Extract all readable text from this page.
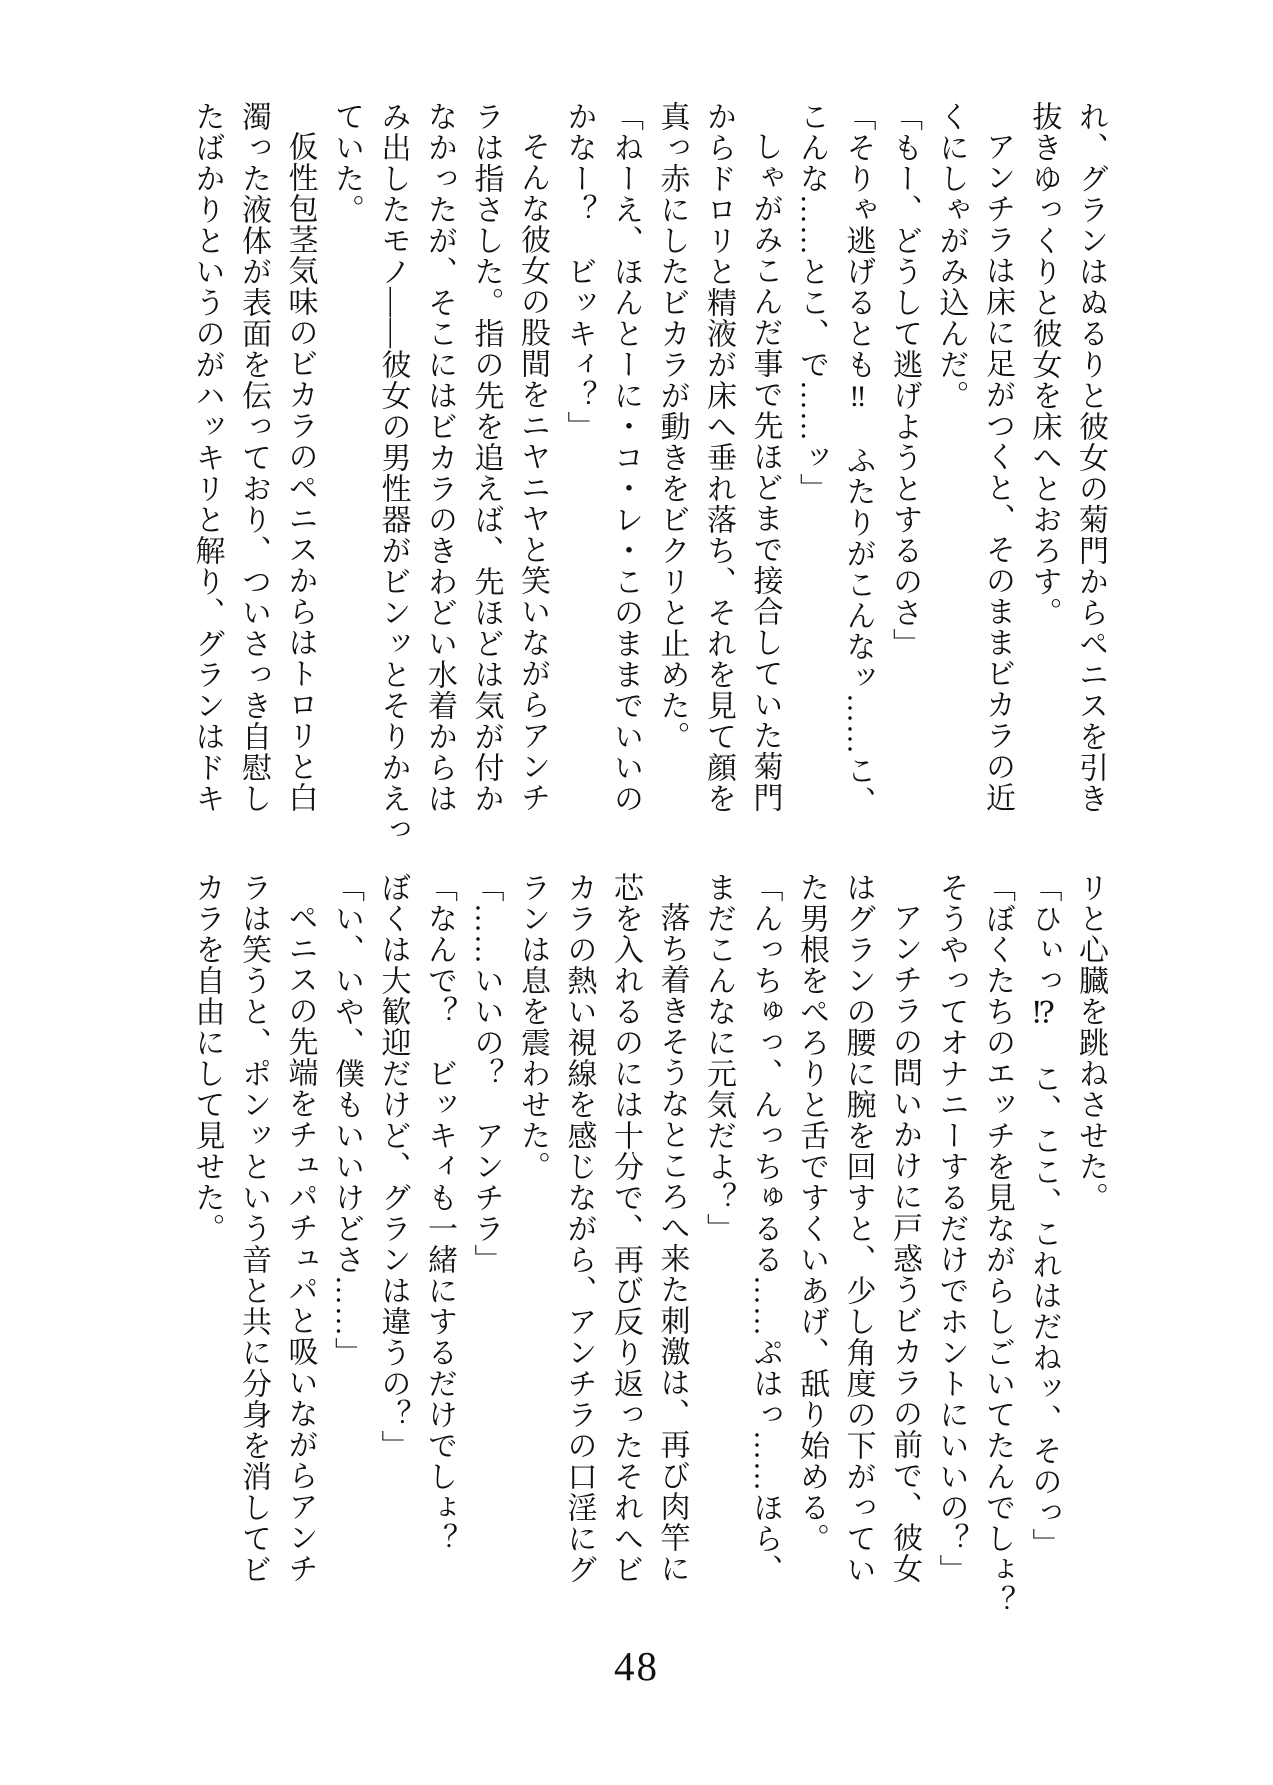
れ、グランはぬるりと彼女の菊門からペニスを引き

抜きゆっくりと彼女を床へとおろす。

アンチラは床に足がつくと、そのままビカラの近

くにしゃがみ込んだ。

「もー、どうして逃げようとするのさ」

「そりゃ逃げるとも‼　ふたりがこんなッ……こ、

こんな……とこ、で……ッ」

しゃがみこんだ事で先ほどまで接合していた菊門

からドロリと精液が床へ垂れ落ち、それを見て顔を

真っ赤にしたビカラが動きをビクリと止めた。

「ねーえ、ほんとーに・コ・レ・このままでいいの

かなー？　ビッキィ？」

そんな彼女の股間をニヤニヤと笑いながらアンチ

ラは指さした。指の先を追えば、先ほどは気が付か

なかったが、そこにはビカラのきわどい水着からは

み出したモノ――彼女の男性器がビンッとそりかえっ

ていた。

仮性包茎気味のビカラのペニスからはトロリと白

濁った液体が表面を伝っており、ついさっき自慰し

たばかりというのがハッキリと解り、グランはドキ

リと心臓を跳ねさせた。

「ひぃっ⁉　こ、ここ、これはだねッ、そのっ」

「ぼくたちのエッチを見ながらしごいてたんでしょ？

そうやってオナニーするだけでホントにいいの？」

アンチラの問いかけに戸惑うビカラの前で、彼女

はグランの腰に腕を回すと、少し角度の下がってい

た男根をぺろりと舌ですくいあげ、舐り始める。

「んっちゅっ、んっちゅるる……ぷはっ……ほら、

まだこんなに元気だよ？」

落ち着きそうなところへ来た刺激は、再び肉竿に

芯を入れるのには十分で、再び反り返ったそれへビ

カラの熱い視線を感じながら、アンチラの口淫にグ

ランは息を震わせた。

「……いいの？　アンチラ」

「なんで？　ビッキィも一緒にするだけでしょ？

ぼくは大歓迎だけど、グランは違うの？」

「い、いや、僕もいいけどさ……」

ペニスの先端をチュパチュパと吸いながらアンチ

ラは笑うと、ポンッという音と共に分身を消してビ

カラを自由にして見せた。

48
